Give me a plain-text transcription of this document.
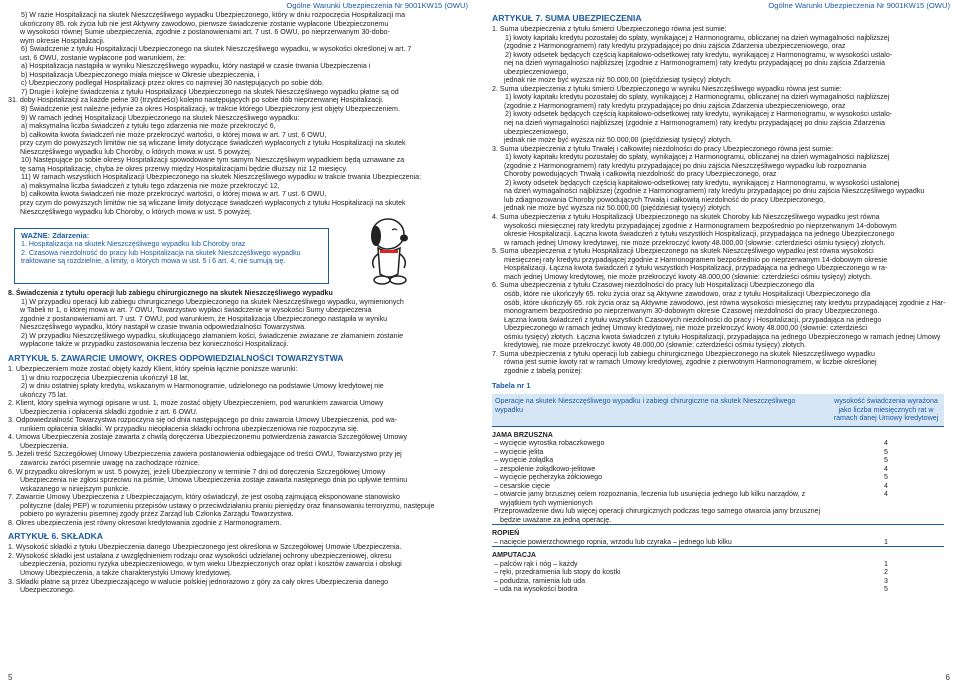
Ogólne Warunki Ubezpieczenia Nr 9001KW15 (OWU)

5) W razie Hospitalizacji na skutek Nieszczęśliwego wypadku Ubezpieczonego, który w dniu rozpoczęcia Hospitalizacji ma

ukończony 85. rok życia lub nie jest Aktywny zawodowo, pierwsze świadczenie zostanie wypłacone Ubezpieczonemu

w wysokości równej Sumie ubezpieczenia, zgodnie z postanowieniami art. 7 ust. 6 OWU, po nieprzerwanym 30-dobo-

wym okresie Hospitalizacji.

6) Świadczenie z tytułu Hospitalizacji Ubezpieczonego na skutek Nieszczęśliwego wypadku, w wysokości określonej w art. 7

ust. 6 OWU, zostanie wypłacone pod warunkiem, że:

a) Hospitalizacja nastąpiła w wyniku Nieszczęśliwego wypadku, który nastąpił w czasie trwania Ubezpieczenia i

b) Hospitalizacja Ubezpieczonego miała miejsce w Okresie ubezpieczenia, i

c) Ubezpieczony podlegał Hospitalizacji przez okres co najmniej 30 następujących po sobie dób.

7) Drugie i kolejne świadczenia z tytułu Hospitalizacji Ubezpieczonego na skutek Nieszczęśliwego wypadku płatne są od

31. doby Hospitalizacji za każde pełne 30 (trzydzieści) kolejno następujących po sobie dób nieprzerwanej Hospitalizacji.

8) Świadczenie jest należne jedynie za okres Hospitalizacji, w trakcie którego Ubezpieczony jest objęty Ubezpieczeniem.

9) W ramach jednej Hospitalizacji Ubezpieczonego na skutek Nieszczęśliwego wypadku:

a) maksymalna liczba świadczeń z tytułu tego zdarzenia nie może przekroczyć 6,

b) całkowita kwota świadczeń nie może przekroczyć wartości, o której mowa w art. 7 ust. 6 OWU,

przy czym do powyższych limitów nie są wliczane limity dotyczące świadczeń wypłaconych z tytułu Hospitalizacji na skutek

Nieszczęśliwego wypadku lub Choroby, o których mowa w ust. 5 powyżej.

10) Następujące po sobie okresy Hospitalizacji spowodowane tym samym Nieszczęśliwym wypadkiem będą uznawane za

tę samą Hospitalizację, chyba że okres przerwy między Hospitalizacjami będzie dłuższy niż 12 miesięcy.

11) W ramach wszystkich Hospitalizacji Ubezpieczonego na skutek Nieszczęśliwego wypadku w trakcie trwania Ubezpieczenia:

a) maksymalna liczba świadczeń z tytułu tego zdarzenia nie może przekroczyć 12,

b) całkowita kwota świadczeń nie może przekroczyć wartości, o której mowa w art. 7 ust. 6 OWU,

przy czym do powyższych limitów nie są wliczane limity dotyczące świadczeń wypłaconych z tytułu Hospitalizacji na skutek

Nieszczęśliwego wypadku lub Choroby, o których mowa w ust. 5 powyżej.

WAŻNE: Zdarzenia:
1. Hospitalizacja na skutek Nieszczęśliwego wypadku lub Choroby oraz
2. Czasowa niezdolność do pracy lub Hospitalizacja na skutek Nieszczęśliwego wypadku
traktowane są rozdzielnie, a limity, o których mowa w ust. 5 i 6 art. 4, nie sumują się.

8. Świadczenia z tytułu operacji lub zabiegu chirurgicznego na skutek Nieszczęśliwego wypadku

1) W przypadku operacji lub zabiegu chirurgicznego Ubezpieczonego na skutek Nieszczęśliwego wypadku, wymienionych

w Tabeli nr 1, o której mowa w art. 7 OWU, Towarzystwo wypłaci świadczenie w wysokości Sumy ubezpieczenia

zgodnie z postanowieniami art. 7 ust. 7 OWU, pod warunkiem, że Hospitalizacja Ubezpieczonego nastąpiła w wyniku

Nieszczęśliwego wypadku, który nastąpił w czasie trwania odpowiedzialności Towarzystwa.

2) W przypadku Nieszczęśliwego wypadku, skutkującego złamaniem kości, świadczenie zwiazane ze złamaniem zostanie

wypłacone także w przypadku zastosowania leczenia bez konieczności Hospitalizacji.

ARTYKUŁ 5. ZAWARCIE UMOWY, OKRES ODPOWIEDZIALNOŚCI TOWARZYSTWA

1. Ubezpieczeniem może zostać objęty każdy Klient, który spełnia łącznie poniższe warunki:

1) w dniu rozpoczęcia Ubezpieczenia ukończył 18 lat,

2) w dniu ostatniej spłaty kredytu, wskazanym w Harmonogramie, udzielonego na podstawie Umowy kredytowej nie

ukończy 75 lat.

2. Klient, który spełnia wymogi opisane w ust. 1, może zostać objęty Ubezpieczeniem, pod warunkiem zawarcia Umowy

Ubezpieczenia i opłacenia składki zgodnie z art. 6 OWU.

3. Odpowiedzialność Towarzystwa rozpoczyna się od dnia następującego po dniu zawarcia Umowy Ubezpieczenia, pod wa-

runkiem opłacenia składki. W przypadku nieopłacenia składki ochrona ubezpieczeniowa nie rozpoczyna się.

4. Umowa Ubezpieczenia zostaje zawarta z chwilą doręczenia Ubezpieczonemu potwierdzenia zawarcia Szczegółowej Umowy

Ubezpieczenia.

5. Jeżeli treść Szczegółowej Umowy Ubezpieczenia zawiera postanowienia odbiegające od treści OWU, Towarzystwo przy jej

zawarciu zwróci pisemnie uwagę na zachodzące różnice.

6. W przypadku określonym w ust. 5 powyżej, jeżeli Ubezpieczony w terminie 7 dni od doręczenia Szczegółowej Umowy

Ubezpieczenia nie zgłosi sprzeciwu na piśmie, Umowa Ubezpieczenia zostaje zawarta następnego dnia po upływie terminu

wskazanego w niniejszym punkcie.

7. Zawarcie Umowy Ubezpieczenia z Ubezpieczającym, który oświadczył, że jest osobą zajmującą eksponowane stanowisko

polityczne (dalej PEP) w rozumieniu przepisów ustawy o przeciwdziałaniu praniu pieniędzy oraz finansowaniu terroryzmu, następuje

pobiero po wyrażeniu pisemnej zgody przez Zarząd lub Członka Zarządu Towarzystwa.

8. Okres ubezpieczenia jest równy okresowi kredytowania zgodnie z Harmonogramem.

ARTYKUŁ 6. SKŁADKA

1. Wysokość składki z tytułu Ubezpieczenia danego Ubezpieczonego jest określona w Szczegółowej Umowie Ubezpieczenia.

2. Wysokość składki jest ustalana z uwzględnieniem rodzaju oraz wysokości udzielanej ochrony ubezpieczeniowej, okresu

ubezpieczenia, poziomu ryzyka ubezpieczeniowego, w tym wieku Ubezpieczonych oraz opłat i kosztów zawarcia i obsługi

Umowy Ubezpieczenia, a także charakterystyki Umowy kredytowej.

3. Składki płatne są przez Ubezpieczającego w walucie polskiej jednorazowo z góry za cały okres Ubezpieczenia danego

Ubezpieczonego.

5
Ogólne Warunki Ubezpieczenia Nr 9001KW15 (OWU)
ARTYKUŁ 7. SUMA UBEZPIECZENIA

1. Suma ubezpieczenia z tytułu śmierci Ubezpieczonego równa jest sumie:

1) kwoty kapitału kredytu pozostałej do spłaty, wynikającej z Harmonogramu, obliczanej na dzień wymagalności najbliższej

(zgodnie z Harmonogramem) raty kredytu przypadającej po dniu zajścia Zdarzenia ubezpieczeniowego, oraz

2) kwoty odsetek będących częścią kapitałowo-odsetkowej raty kredytu, wynikającej z Harmonogramu, w wysokości ustalo-

nej na dzień wymagalności najbliższej (zgodnie z Harmonogramem) raty kredytu przypadającej po dniu zajścia Zdarzenia

ubezpieczeniowego,

jednak nie może być wyższa niż 50.000,00 (pięćdziesiąt tysięcy) złotych.

2. Suma ubezpieczenia z tytułu śmierci Ubezpieczonego w wyniku Nieszczęśliwego wypadku równa jest sumie:

1) kwoty kapitału kredytu pozostałej do spłaty, wynikającej z Harmonogramu, obliczanej na dzień wymagalności najbliższej

(zgodnie z Harmonogramem) raty kredytu przypadającej po dniu zajścia Zdarzenia ubezpieczeniowego, oraz

2) kwoty odsetek będących częścią kapitałowo-odsetkowej raty kredytu, wynikającej z Harmonogramu, w wysokości ustalo-

nej na dzień wymagalności najbliższej (zgodnie z Harmonogramem) raty kredytu przypadającej po dniu zajścia Zdarzenia

ubezpieczeniowego,

jednak nie może być wyższa niż 50.000,00 (pięćdziesiąt tysięcy) złotych.

3. Suma ubezpieczenia z tytułu Trwałej i całkowitej niezdolności do pracy Ubezpieczonego równa jest sumie:

1) kwoty kapitału kredytu pozostałej do spłaty, wynikającej z Harmonogramu, obliczanej na dzień wymagalności najbliższej

(zgodnie z Harmonogramem) raty kredytu przypadającej po dniu zajścia Nieszczęśliwego wypadku lub rozpoznania

Choroby powodujących Trwałą i całkowitą niezdolność do pracy Ubezpieczonego, oraz

2) kwoty odsetek będących częścią kapitałowo-odsetkowej raty kredytu, wynikającej z Harmonogramu, w wysokości ustalonej

na dzień wymagalności najbliższej (zgodnie z Harmonogramem) raty kredytu przypadającej po dniu zajścia Nieszczęśliwego wypadku

lub zdiagnozowania Choroby powodujących Trwałą i całkowitą niezdolność do pracy Ubezpieczonego,

jednak nie może być wyższa niż 50.000,00 (pięćdziesiąt tysięcy) złotych.

4. Suma ubezpieczenia z tytułu Hospitalizacji Ubezpieczonego na skutek Choroby lub Nieszczęśliwego wypadku jest równa

wysokości miesięcznej raty kredytu przypadającej zgodnie z Harmonogramem bezpośrednio po nieprzerwanym 14-dobowym

okresie Hospitalizacji. Łączna kwota świadczeń z tytułu wszystkich Hospitalizacji, przypadająca na jednego Ubezpieczonego

w ramach jednej Umowy kredytowej, nie może przekroczyć kwoty 48.000,00 (słownie: czterdzieści ośmiu tysięcy) złotych.

5. Suma ubezpieczenia z tytułu Hospitalizacji Ubezpieczonego na skutek Nieszczęśliwego wypadku jest równa wysokości

miesięcznej raty kredytu przypadającej zgodnie z Harmonogramem bezpośrednio po nieprzerwanym 14-dobowym okresie

Hospitalizacji. Łączna kwota świadczeń z tytułu wszystkich Hospitalizacji, przypadająca na jednego Ubezpieczonego w ra-

mach jednej Umowy kredytowej, nie może przekroczyć kwoty 48.000,00 (słownie: czterdzieści ośmiu tysięcy) złotych.

6. Suma ubezpieczenia z tytułu Czasowej niezdolności do pracy lub Hospitalizacji Ubezpieczonego dla

osób, które nie ukończyły 65. roku życia oraz są Aktywne zawodowo, oraz z tytułu Hospitalizacji Ubezpieczonego dla

osób, które ukończyły 65. rok życia oraz są Aktywne zawodowo, jest równa wysokości miesięcznej raty kredytu przypadającej zgodnie z Har-

monogramem bezpośrednio po nieprzerwanym 30-dobowym okresie Czasowej niezdolności do pracy Ubezpieczonego.

Łączna kwota świadczeń z tytułu wszystkich Czasowych niezdolności do pracy i Hospitalizacji, przypadająca na jednego

Ubezpieczonego w ramach jednej Umowy kredytowej, nie może przekroczyć kwoty 48.000,00 (słownie: czterdzieści

ośmiu tysięcy) złotych. Łączna kwota świadczeń z tytułu Hospitalizacji, przypadająca na jednego Ubezpieczonego w ramach jednej Umowy

kredytowej, nie może przekroczyć kwoty 48.000,00 (słownie: czterdzieści ośmiu tysięcy) złotych.

7. Suma ubezpieczenia z tytułu operacji lub zabiegu chirurgicznego Ubezpieczonego na skutek Nieszczęśliwego wypadku

równa jest sumie kwoty rat w ramach Umowy kredytowej, zgodnie z pierwotnym Harmonogramem, w liczbie określonej

zgodnie z tabelą poniżej:

Tabela nr 1
Operacje na skutek Nieszczęśliwego wypadku i zabiegi chirurgiczne na skutek Nieszczęśliwego wypadku	wysokość świadczenia wyrażona jako liczba miesięcznych rat w ramach danej Umowy kredytowej
JAMA BRZUSZNA	
– wycięcie wyrostka robaczkowego	4
– wycięcie jelita	5
– wycięcie żołądka	5
– zespolenie żołądkowo-jelitowe	4
– wycięcie pęcherzyka żółciowego	5
– cesarskie cięcie	4
– otwarcie jamy brzusznej celem rozpoznania, leczenia lub usunięcia jednego lub kilku narządów, z wyjątkiem tych wymienionych	4
Przeprowadzenie dwu lub więcej operacji chirurgicznych podczas tego samego otwarcia jamy brzusznej będzie uważane za jedną operację.	
ROPIEŃ	
– nacięcie powierzchownego ropnia, wrzodu lub czyraka – jednego lub kilku	1
AMPUTACJA	
– palców rąk i nóg – każdy	1
– ręki, przedramienia lub stopy do kostki	2
– podudzia, ramienia lub uda	3
– uda na wysokości biodra	5
6
